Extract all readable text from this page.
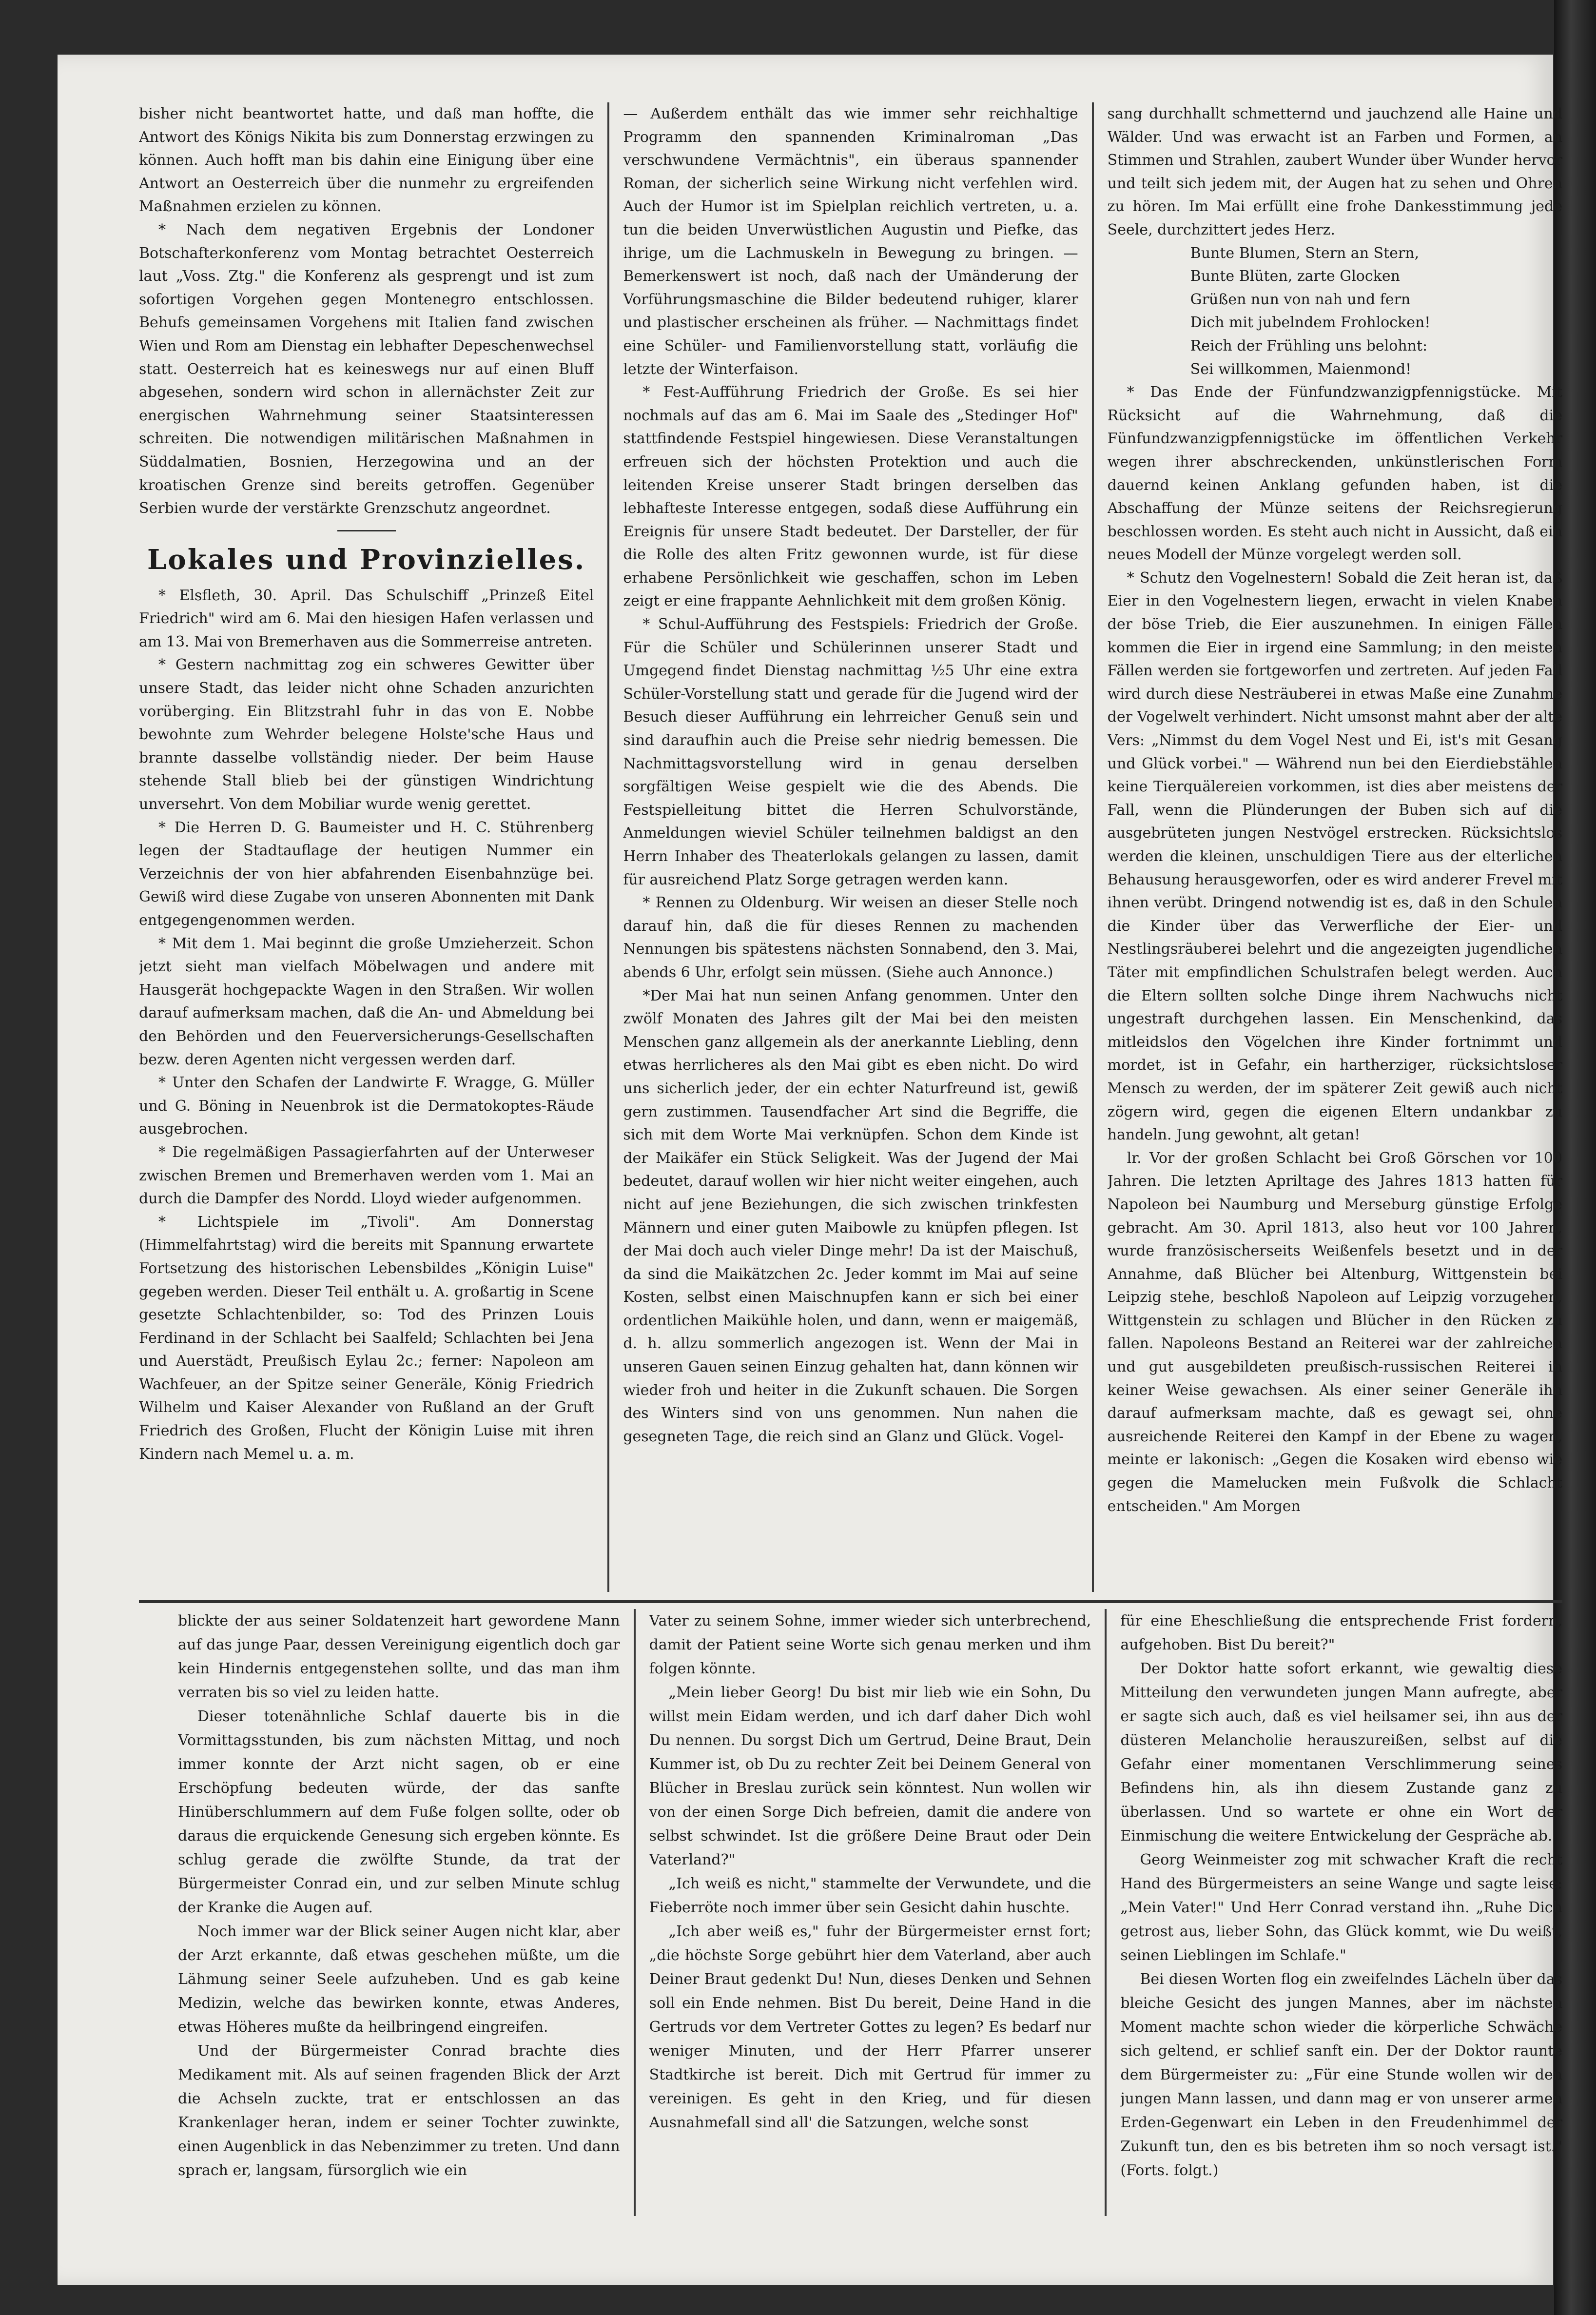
bisher nicht beantwortet hatte, und daß man hoffte, die Antwort des Königs Nikita bis zum Donnerstag erzwingen zu können. Auch hofft man bis dahin eine Einigung über eine Antwort an Oesterreich über die nunmehr zu ergreifenden Maßnahmen erzielen zu können.

* Nach dem negativen Ergebnis der Londoner Botschafterkonferenz vom Montag betrachtet Oesterreich laut „Voss. Ztg." die Konferenz als gesprengt und ist zum sofortigen Vorgehen gegen Montenegro entschlossen. Behufs gemeinsamen Vorgehens mit Italien fand zwischen Wien und Rom am Dienstag ein lebhafter Depeschenwechsel statt. Oesterreich hat es keineswegs nur auf einen Bluff abgesehen, sondern wird schon in allernächster Zeit zur energischen Wahrnehmung seiner Staatsinteressen schreiten. Die notwendigen militärischen Maßnahmen in Süddalmatien, Bosnien, Herzegowina und an der kroatischen Grenze sind bereits getroffen. Gegenüber Serbien wurde der verstärkte Grenzschutz angeordnet.

Lokales und Provinzielles.

* Elsfleth, 30. April. Das Schulschiff „Prinzeß Eitel Friedrich" wird am 6. Mai den hiesigen Hafen verlassen und am 13. Mai von Bremerhaven aus die Sommerreise antreten.

* Gestern nachmittag zog ein schweres Gewitter über unsere Stadt, das leider nicht ohne Schaden anzurichten vorüberging. Ein Blitzstrahl fuhr in das von E. Nobbe bewohnte zum Wehrder belegene Holste'sche Haus und brannte dasselbe vollständig nieder. Der beim Hause stehende Stall blieb bei der günstigen Windrichtung unversehrt. Von dem Mobiliar wurde wenig gerettet.

* Die Herren D. G. Baumeister und H. C. Stührenberg legen der Stadtauflage der heutigen Nummer ein Verzeichnis der von hier abfahrenden Eisenbahnzüge bei. Gewiß wird diese Zugabe von unseren Abonnenten mit Dank entgegengenommen werden.

* Mit dem 1. Mai beginnt die große Umzieherzeit. Schon jetzt sieht man vielfach Möbelwagen und andere mit Hausgerät hochgepackte Wagen in den Straßen. Wir wollen darauf aufmerksam machen, daß die An- und Abmeldung bei den Behörden und den Feuerversicherungs-Gesellschaften bezw. deren Agenten nicht vergessen werden darf.

* Unter den Schafen der Landwirte F. Wragge, G. Müller und G. Böning in Neuenbrok ist die Dermatokoptes-Räude ausgebrochen.

* Die regelmäßigen Passagierfahrten auf der Unterweser zwischen Bremen und Bremerhaven werden vom 1. Mai an durch die Dampfer des Nordd. Lloyd wieder aufgenommen.

* Lichtspiele im „Tivoli". Am Donnerstag (Himmelfahrtstag) wird die bereits mit Spannung erwartete Fortsetzung des historischen Lebensbildes „Königin Luise" gegeben werden. Dieser Teil enthält u. A. großartig in Scene gesetzte Schlachtenbilder, so: Tod des Prinzen Louis Ferdinand in der Schlacht bei Saalfeld; Schlachten bei Jena und Auerstädt, Preußisch Eylau 2c.; ferner: Napoleon am Wachfeuer, an der Spitze seiner Generäle, König Friedrich Wilhelm und Kaiser Alexander von Rußland an der Gruft Friedrich des Großen, Flucht der Königin Luise mit ihren Kindern nach Memel u. a. m.

— Außerdem enthält das wie immer sehr reichhaltige Programm den spannenden Kriminalroman „Das verschwundene Vermächtnis", ein überaus spannender Roman, der sicherlich seine Wirkung nicht verfehlen wird. Auch der Humor ist im Spielplan reichlich vertreten, u. a. tun die beiden Unverwüstlichen Augustin und Piefke, das ihrige, um die Lachmuskeln in Bewegung zu bringen. — Bemerkenswert ist noch, daß nach der Umänderung der Vorführungsmaschine die Bilder bedeutend ruhiger, klarer und plastischer erscheinen als früher. — Nachmittags findet eine Schüler- und Familienvorstellung statt, vorläufig die letzte der Winterfaison.

* Fest-Aufführung Friedrich der Große. Es sei hier nochmals auf das am 6. Mai im Saale des „Stedinger Hof" stattfindende Festspiel hingewiesen. Diese Veranstaltungen erfreuen sich der höchsten Protektion und auch die leitenden Kreise unserer Stadt bringen derselben das lebhafteste Interesse entgegen, sodaß diese Aufführung ein Ereignis für unsere Stadt bedeutet. Der Darsteller, der für die Rolle des alten Fritz gewonnen wurde, ist für diese erhabene Persönlichkeit wie geschaffen, schon im Leben zeigt er eine frappante Aehnlichkeit mit dem großen König.

* Schul-Aufführung des Festspiels: Friedrich der Große. Für die Schüler und Schülerinnen unserer Stadt und Umgegend findet Dienstag nachmittag ½5 Uhr eine extra Schüler-Vorstellung statt und gerade für die Jugend wird der Besuch dieser Aufführung ein lehrreicher Genuß sein und sind daraufhin auch die Preise sehr niedrig bemessen. Die Nachmittagsvorstellung wird in genau derselben sorgfältigen Weise gespielt wie die des Abends. Die Festspielleitung bittet die Herren Schulvorstände, Anmeldungen wieviel Schüler teilnehmen baldigst an den Herrn Inhaber des Theaterlokals gelangen zu lassen, damit für ausreichend Platz Sorge getragen werden kann.

* Rennen zu Oldenburg. Wir weisen an dieser Stelle noch darauf hin, daß die für dieses Rennen zu machenden Nennungen bis spätestens nächsten Sonnabend, den 3. Mai, abends 6 Uhr, erfolgt sein müssen. (Siehe auch Annonce.)

*Der Mai hat nun seinen Anfang genommen. Unter den zwölf Monaten des Jahres gilt der Mai bei den meisten Menschen ganz allgemein als der anerkannte Liebling, denn etwas herrlicheres als den Mai gibt es eben nicht. Do wird uns sicherlich jeder, der ein echter Naturfreund ist, gewiß gern zustimmen. Tausendfacher Art sind die Begriffe, die sich mit dem Worte Mai verknüpfen. Schon dem Kinde ist der Maikäfer ein Stück Seligkeit. Was der Jugend der Mai bedeutet, darauf wollen wir hier nicht weiter eingehen, auch nicht auf jene Beziehungen, die sich zwischen trinkfesten Männern und einer guten Maibowle zu knüpfen pflegen. Ist der Mai doch auch vieler Dinge mehr! Da ist der Maischuß, da sind die Maikätzchen 2c. Jeder kommt im Mai auf seine Kosten, selbst einen Maischnupfen kann er sich bei einer ordentlichen Maikühle holen, und dann, wenn er maigemäß, d. h. allzu sommerlich angezogen ist. Wenn der Mai in unseren Gauen seinen Einzug gehalten hat, dann können wir wieder froh und heiter in die Zukunft schauen. Die Sorgen des Winters sind von uns genommen. Nun nahen die gesegneten Tage, die reich sind an Glanz und Glück. Vogel-

sang durchhallt schmetternd und jauchzend alle Haine und Wälder. Und was erwacht ist an Farben und Formen, an Stimmen und Strahlen, zaubert Wunder über Wunder hervor und teilt sich jedem mit, der Augen hat zu sehen und Ohren zu hören. Im Mai erfüllt eine frohe Dankesstimmung jede Seele, durchzittert jedes Herz.

Bunte Blumen, Stern an Stern,

Bunte Blüten, zarte Glocken

Grüßen nun von nah und fern

Dich mit jubelndem Frohlocken!

Reich der Frühling uns belohnt:

Sei willkommen, Maienmond!

* Das Ende der Fünfundzwanzigpfennigstücke. Mit Rücksicht auf die Wahrnehmung, daß die Fünfundzwanzigpfennigstücke im öffentlichen Verkehr wegen ihrer abschreckenden, unkünstlerischen Form dauernd keinen Anklang gefunden haben, ist die Abschaffung der Münze seitens der Reichsregierung beschlossen worden. Es steht auch nicht in Aussicht, daß ein neues Modell der Münze vorgelegt werden soll.

* Schutz den Vogelnestern! Sobald die Zeit heran ist, daß Eier in den Vogelnestern liegen, erwacht in vielen Knaben der böse Trieb, die Eier auszunehmen. In einigen Fällen kommen die Eier in irgend eine Sammlung; in den meisten Fällen werden sie fortgeworfen und zertreten. Auf jeden Fall wird durch diese Nesträuberei in etwas Maße eine Zunahme der Vogelwelt verhindert. Nicht umsonst mahnt aber der alte Vers: „Nimmst du dem Vogel Nest und Ei, ist's mit Gesang und Glück vorbei." — Während nun bei den Eierdiebstählen keine Tierquälereien vorkommen, ist dies aber meistens der Fall, wenn die Plünderungen der Buben sich auf die ausgebrüteten jungen Nestvögel erstrecken. Rücksichtslos werden die kleinen, unschuldigen Tiere aus der elterlichen Behausung herausgeworfen, oder es wird anderer Frevel mit ihnen verübt. Dringend notwendig ist es, daß in den Schulen die Kinder über das Verwerfliche der Eier- und Nestlingsräuberei belehrt und die angezeigten jugendlichen Täter mit empfindlichen Schulstrafen belegt werden. Auch die Eltern sollten solche Dinge ihrem Nachwuchs nicht ungestraft durchgehen lassen. Ein Menschenkind, das mitleidslos den Vögelchen ihre Kinder fortnimmt und mordet, ist in Gefahr, ein hartherziger, rücksichtsloser Mensch zu werden, der im späterer Zeit gewiß auch nicht zögern wird, gegen die eigenen Eltern undankbar zu handeln. Jung gewohnt, alt getan!

lr. Vor der großen Schlacht bei Groß Görschen vor 100 Jahren. Die letzten Apriltage des Jahres 1813 hatten für Napoleon bei Naumburg und Merseburg günstige Erfolge gebracht. Am 30. April 1813, also heut vor 100 Jahren, wurde französischerseits Weißenfels besetzt und in der Annahme, daß Blücher bei Altenburg, Wittgenstein bei Leipzig stehe, beschloß Napoleon auf Leipzig vorzugehen, Wittgenstein zu schlagen und Blücher in den Rücken zu fallen. Napoleons Bestand an Reiterei war der zahlreichen und gut ausgebildeten preußisch-russischen Reiterei in keiner Weise gewachsen. Als einer seiner Generäle ihn darauf aufmerksam machte, daß es gewagt sei, ohne ausreichende Reiterei den Kampf in der Ebene zu wagen, meinte er lakonisch: „Gegen die Kosaken wird ebenso wie gegen die Mamelucken mein Fußvolk die Schlacht entscheiden." Am Morgen

blickte der aus seiner Soldatenzeit hart gewordene Mann auf das junge Paar, dessen Vereinigung eigentlich doch gar kein Hindernis entgegenstehen sollte, und das man ihm verraten bis so viel zu leiden hatte.

Dieser totenähnliche Schlaf dauerte bis in die Vormittagsstunden, bis zum nächsten Mittag, und noch immer konnte der Arzt nicht sagen, ob er eine Erschöpfung bedeuten würde, der das sanfte Hinüberschlummern auf dem Fuße folgen sollte, oder ob daraus die erquickende Genesung sich ergeben könnte. Es schlug gerade die zwölfte Stunde, da trat der Bürgermeister Conrad ein, und zur selben Minute schlug der Kranke die Augen auf.

Noch immer war der Blick seiner Augen nicht klar, aber der Arzt erkannte, daß etwas geschehen müßte, um die Lähmung seiner Seele aufzuheben. Und es gab keine Medizin, welche das bewirken konnte, etwas Anderes, etwas Höheres mußte da heilbringend eingreifen.

Und der Bürgermeister Conrad brachte dies Medikament mit. Als auf seinen fragenden Blick der Arzt die Achseln zuckte, trat er entschlossen an das Krankenlager heran, indem er seiner Tochter zuwinkte, einen Augenblick in das Nebenzimmer zu treten. Und dann sprach er, langsam, fürsorglich wie ein

Vater zu seinem Sohne, immer wieder sich unterbrechend, damit der Patient seine Worte sich genau merken und ihm folgen könnte.

„Mein lieber Georg! Du bist mir lieb wie ein Sohn, Du willst mein Eidam werden, und ich darf daher Dich wohl Du nennen. Du sorgst Dich um Gertrud, Deine Braut, Dein Kummer ist, ob Du zu rechter Zeit bei Deinem General von Blücher in Breslau zurück sein könntest. Nun wollen wir von der einen Sorge Dich befreien, damit die andere von selbst schwindet. Ist die größere Deine Braut oder Dein Vaterland?"

„Ich weiß es nicht," stammelte der Verwundete, und die Fieberröte noch immer über sein Gesicht dahin huschte.

„Ich aber weiß es," fuhr der Bürgermeister ernst fort; „die höchste Sorge gebührt hier dem Vaterland, aber auch Deiner Braut gedenkt Du! Nun, dieses Denken und Sehnen soll ein Ende nehmen. Bist Du bereit, Deine Hand in die Gertruds vor dem Vertreter Gottes zu legen? Es bedarf nur weniger Minuten, und der Herr Pfarrer unserer Stadtkirche ist bereit. Dich mit Gertrud für immer zu vereinigen. Es geht in den Krieg, und für diesen Ausnahmefall sind all' die Satzungen, welche sonst

für eine Eheschließung die entsprechende Frist fordern, aufgehoben. Bist Du bereit?"

Der Doktor hatte sofort erkannt, wie gewaltig diese Mitteilung den verwundeten jungen Mann aufregte, aber er sagte sich auch, daß es viel heilsamer sei, ihn aus der düsteren Melancholie herauszureißen, selbst auf die Gefahr einer momentanen Verschlimmerung seines Befindens hin, als ihn diesem Zustande ganz zu überlassen. Und so wartete er ohne ein Wort der Einmischung die weitere Entwickelung der Gespräche ab.

Georg Weinmeister zog mit schwacher Kraft die recht Hand des Bürgermeisters an seine Wange und sagte leise: „Mein Vater!" Und Herr Conrad verstand ihn. „Ruhe Dich getrost aus, lieber Sohn, das Glück kommt, wie Du weißt, seinen Lieblingen im Schlafe."

Bei diesen Worten flog ein zweifelndes Lächeln über das bleiche Gesicht des jungen Mannes, aber im nächsten Moment machte schon wieder die körperliche Schwäche sich geltend, er schlief sanft ein. Der der Doktor raunte dem Bürgermeister zu: „Für eine Stunde wollen wir den jungen Mann lassen, und dann mag er von unserer armen Erden-Gegenwart ein Leben in den Freudenhimmel der Zukunft tun, den es bis betreten ihm so noch versagt ist." (Forts. folgt.)
